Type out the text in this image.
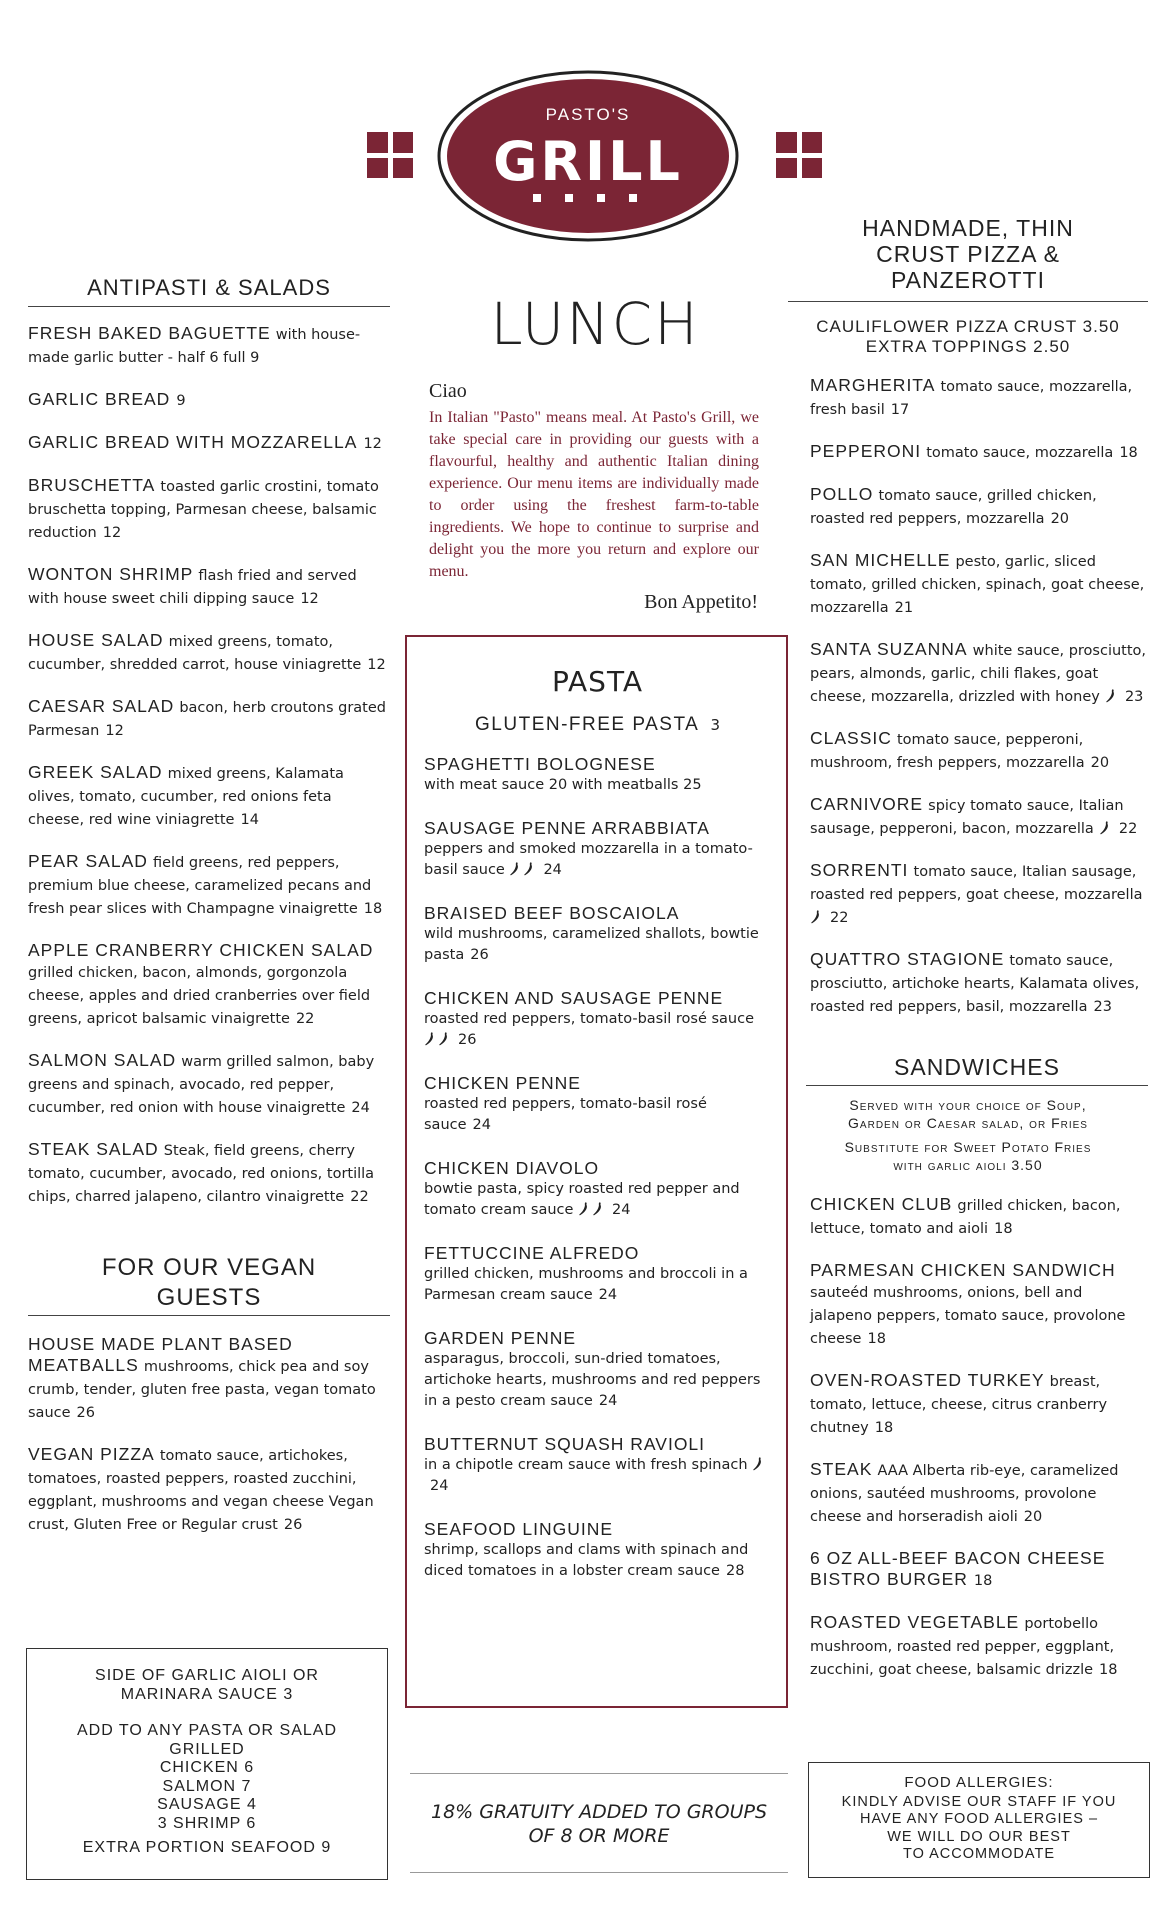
PASTO'S
GRILL
ANTIPASTI & SALADS
FRESH BAKED BAGUETTE with house-made garlic butter - half 6 full 9
GARLIC BREAD 9
GARLIC BREAD WITH MOZZARELLA 12
BRUSCHETTA toasted garlic crostini, tomato bruschetta topping, Parmesan cheese, balsamic reduction 12
WONTON SHRIMP flash fried and served with house sweet chili dipping sauce 12
HOUSE SALAD mixed greens, tomato, cucumber, shredded carrot, house viniagrette 12
CAESAR SALAD bacon, herb croutons grated Parmesan 12
GREEK SALAD mixed greens, Kalamata olives, tomato, cucumber, red onions feta cheese, red wine viniagrette 14
PEAR SALAD field greens, red peppers, premium blue cheese, caramelized pecans and fresh pear slices with Champagne vinaigrette 18
APPLE CRANBERRY CHICKEN SALAD grilled chicken, bacon, almonds, gorgonzola cheese, apples and dried cranberries over field greens, apricot balsamic vinaigrette 22
SALMON SALAD warm grilled salmon, baby greens and spinach, avocado, red pepper, cucumber, red onion with house vinaigrette 24
STEAK SALAD Steak, field greens, cherry tomato, cucumber, avocado, red onions, tortilla chips, charred jalapeno, cilantro vinaigrette 22
FOR OUR VEGAN
GUESTS
HOUSE MADE PLANT BASED MEATBALLS mushrooms, chick pea and soy crumb, tender, gluten free pasta, vegan tomato sauce 26
VEGAN PIZZA tomato sauce, artichokes, tomatoes, roasted peppers, roasted zucchini, eggplant, mushrooms and vegan cheese Vegan crust, Gluten Free or Regular crust 26
SIDE OF GARLIC AIOLI OR
MARINARA SAUCE 3
ADD TO ANY PASTA OR SALAD
GRILLED
CHICKEN 6
SALMON 7
SAUSAGE 4
3 SHRIMP 6
EXTRA PORTION SEAFOOD 9
LUNCH
Ciao
In Italian "Pasto" means meal. At Pasto's Grill, we take special care in providing our guests with a flavourful, healthy and authentic Italian dining experience. Our menu items are individually made to order using the freshest farm-to-table ingredients. We hope to continue to surprise and delight you the more you return and explore our menu.
Bon Appetito!
PASTA
GLUTEN-FREE PASTA 3
SPAGHETTI BOLOGNESE
with meat sauce 20 with meatballs 25
SAUSAGE PENNE ARRABBIATA
peppers and smoked mozzarella in a tomato-basil sauce	24
BRAISED BEEF BOSCAIOLA
wild mushrooms, caramelized shallots, bowtie pasta 26
CHICKEN AND SAUSAGE PENNE
roasted red peppers, tomato-basil rosé sauce 26
CHICKEN PENNE
roasted red peppers, tomato-basil rosé sauce 24
CHICKEN DIAVOLO
bowtie pasta, spicy roasted red pepper and tomato cream sauce	24
FETTUCCINE ALFREDO
grilled chicken, mushrooms and broccoli in a Parmesan cream sauce 24
GARDEN PENNE
asparagus, broccoli, sun-dried tomatoes, artichoke hearts, mushrooms and red peppers in a pesto cream sauce 24
BUTTERNUT SQUASH RAVIOLI
in a chipotle cream sauce with fresh spinach 24
SEAFOOD LINGUINE
shrimp, scallops and clams with spinach and diced tomatoes in a lobster cream sauce 28
18% GRATUITY ADDED TO GROUPS
OF 8 OR MORE
HANDMADE, THIN
CRUST PIZZA &
PANZEROTTI
CAULIFLOWER PIZZA CRUST 3.50
EXTRA TOPPINGS 2.50
MARGHERITA tomato sauce, mozzarella, fresh basil 17
PEPPERONI tomato sauce, mozzarella 18
POLLO tomato sauce, grilled chicken, roasted red peppers, mozzarella 20
SAN MICHELLE pesto, garlic, sliced tomato, grilled chicken, spinach, goat cheese, mozzarella 21
SANTA SUZANNA white sauce, prosciutto, pears, almonds, garlic, chili flakes, goat cheese, mozzarella, drizzled with honey 23
CLASSIC tomato sauce, pepperoni, mushroom, fresh peppers, mozzarella 20
CARNIVORE spicy tomato sauce, Italian sausage, pepperoni, bacon, mozzarella 22
SORRENTI tomato sauce, Italian sausage, roasted red peppers, goat cheese, mozzarella 22
QUATTRO STAGIONE tomato sauce, prosciutto, artichoke hearts, Kalamata olives, roasted red peppers, basil, mozzarella 23
SANDWICHES
Served with your choice of Soup, Garden or Caesar salad, or Fries
Substitute for Sweet Potato Fries with garlic aioli 3.50
CHICKEN CLUB grilled chicken, bacon, lettuce, tomato and aioli 18
PARMESAN CHICKEN SANDWICH sauteéd mushrooms, onions, bell and jalapeno peppers, tomato sauce, provolone cheese 18
OVEN-ROASTED TURKEY breast, tomato, lettuce, cheese, citrus cranberry chutney 18
STEAK AAA Alberta rib-eye, caramelized onions, sautéed mushrooms, provolone cheese and horseradish aioli 20
6 OZ ALL-BEEF BACON CHEESE BISTRO BURGER 18
ROASTED VEGETABLE portobello mushroom, roasted red pepper, eggplant, zucchini, goat cheese, balsamic drizzle 18
FOOD ALLERGIES:
KINDLY ADVISE OUR STAFF IF YOU
HAVE ANY FOOD ALLERGIES –
WE WILL DO OUR BEST
TO ACCOMMODATE
